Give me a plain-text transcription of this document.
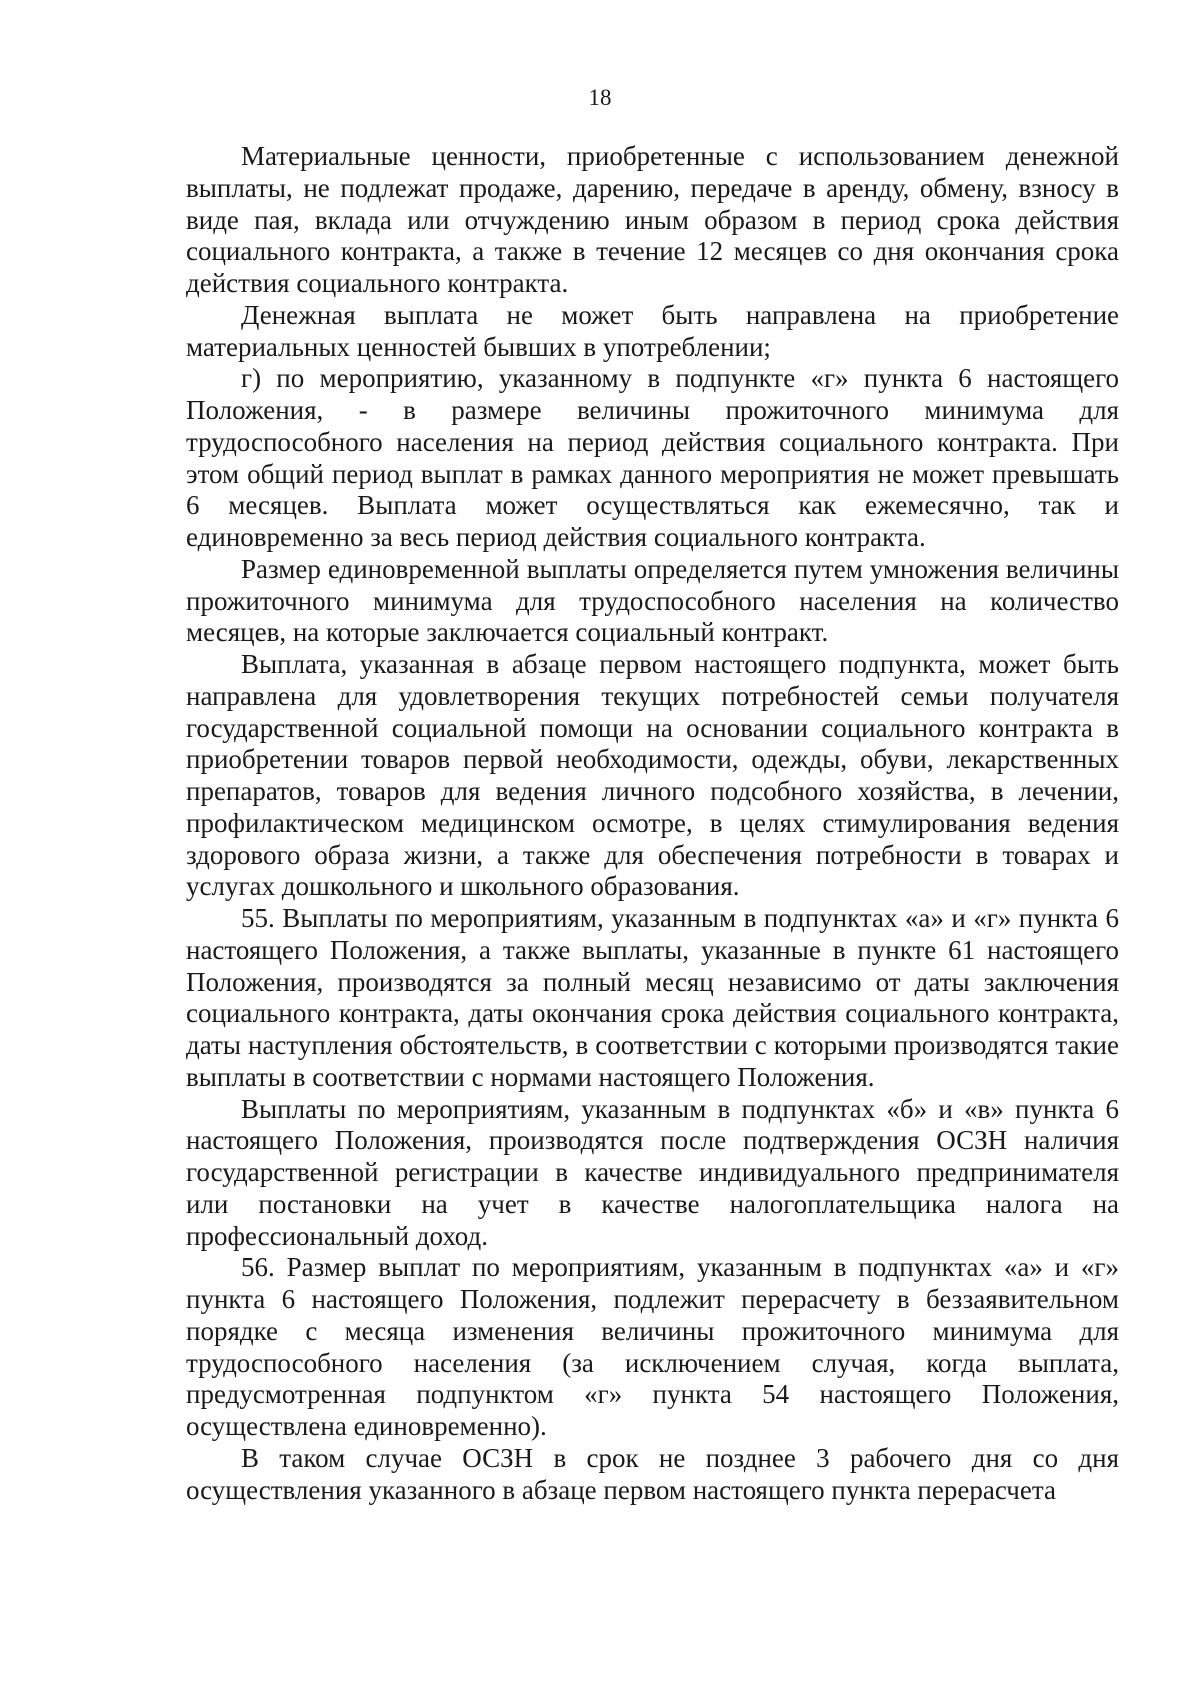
18

Материальные ценности, приобретенные с использованием денежной выплаты, не подлежат продаже, дарению, передаче в аренду, обмену, взносу в виде пая, вклада или отчуждению иным образом в период срока действия социального контракта, а также в течение 12 месяцев со дня окончания срока действия социального контракта.

Денежная выплата не может быть направлена на приобретение материальных ценностей бывших в употреблении;

г) по мероприятию, указанному в подпункте «г» пункта 6 настоящего Положения, - в размере величины прожиточного минимума для трудоспособного населения на период действия социального контракта. При этом общий период выплат в рамках данного мероприятия не может превышать 6 месяцев. Выплата может осуществляться как ежемесячно, так и единовременно за весь период действия социального контракта.

Размер единовременной выплаты определяется путем умножения величины прожиточного минимума для трудоспособного населения на количество месяцев, на которые заключается социальный контракт.

Выплата, указанная в абзаце первом настоящего подпункта, может быть направлена для удовлетворения текущих потребностей семьи получателя государственной социальной помощи на основании социального контракта в приобретении товаров первой необходимости, одежды, обуви, лекарственных препаратов, товаров для ведения личного подсобного хозяйства, в лечении, профилактическом медицинском осмотре, в целях стимулирования ведения здорового образа жизни, а также для обеспечения потребности в товарах и услугах дошкольного и школьного образования.

55. Выплаты по мероприятиям, указанным в подпунктах «а» и «г» пункта 6 настоящего Положения, а также выплаты, указанные в пункте 61 настоящего Положения, производятся за полный месяц независимо от даты заключения социального контракта, даты окончания срока действия социального контракта, даты наступления обстоятельств, в соответствии с которыми производятся такие выплаты в соответствии с нормами настоящего Положения.

Выплаты по мероприятиям, указанным в подпунктах «б» и «в» пункта 6 настоящего Положения, производятся после подтверждения ОСЗН наличия государственной регистрации в качестве индивидуального предпринимателя или постановки на учет в качестве налогоплательщика налога на профессиональный доход.

56. Размер выплат по мероприятиям, указанным в подпунктах «а» и «г» пункта 6 настоящего Положения, подлежит перерасчету в беззаявительном порядке с месяца изменения величины прожиточного минимума для трудоспособного населения (за исключением случая, когда выплата, предусмотренная подпунктом «г» пункта 54 настоящего Положения, осуществлена единовременно).

В таком случае ОСЗН в срок не позднее 3 рабочего дня со дня осуществления указанного в абзаце первом настоящего пункта перерасчета
